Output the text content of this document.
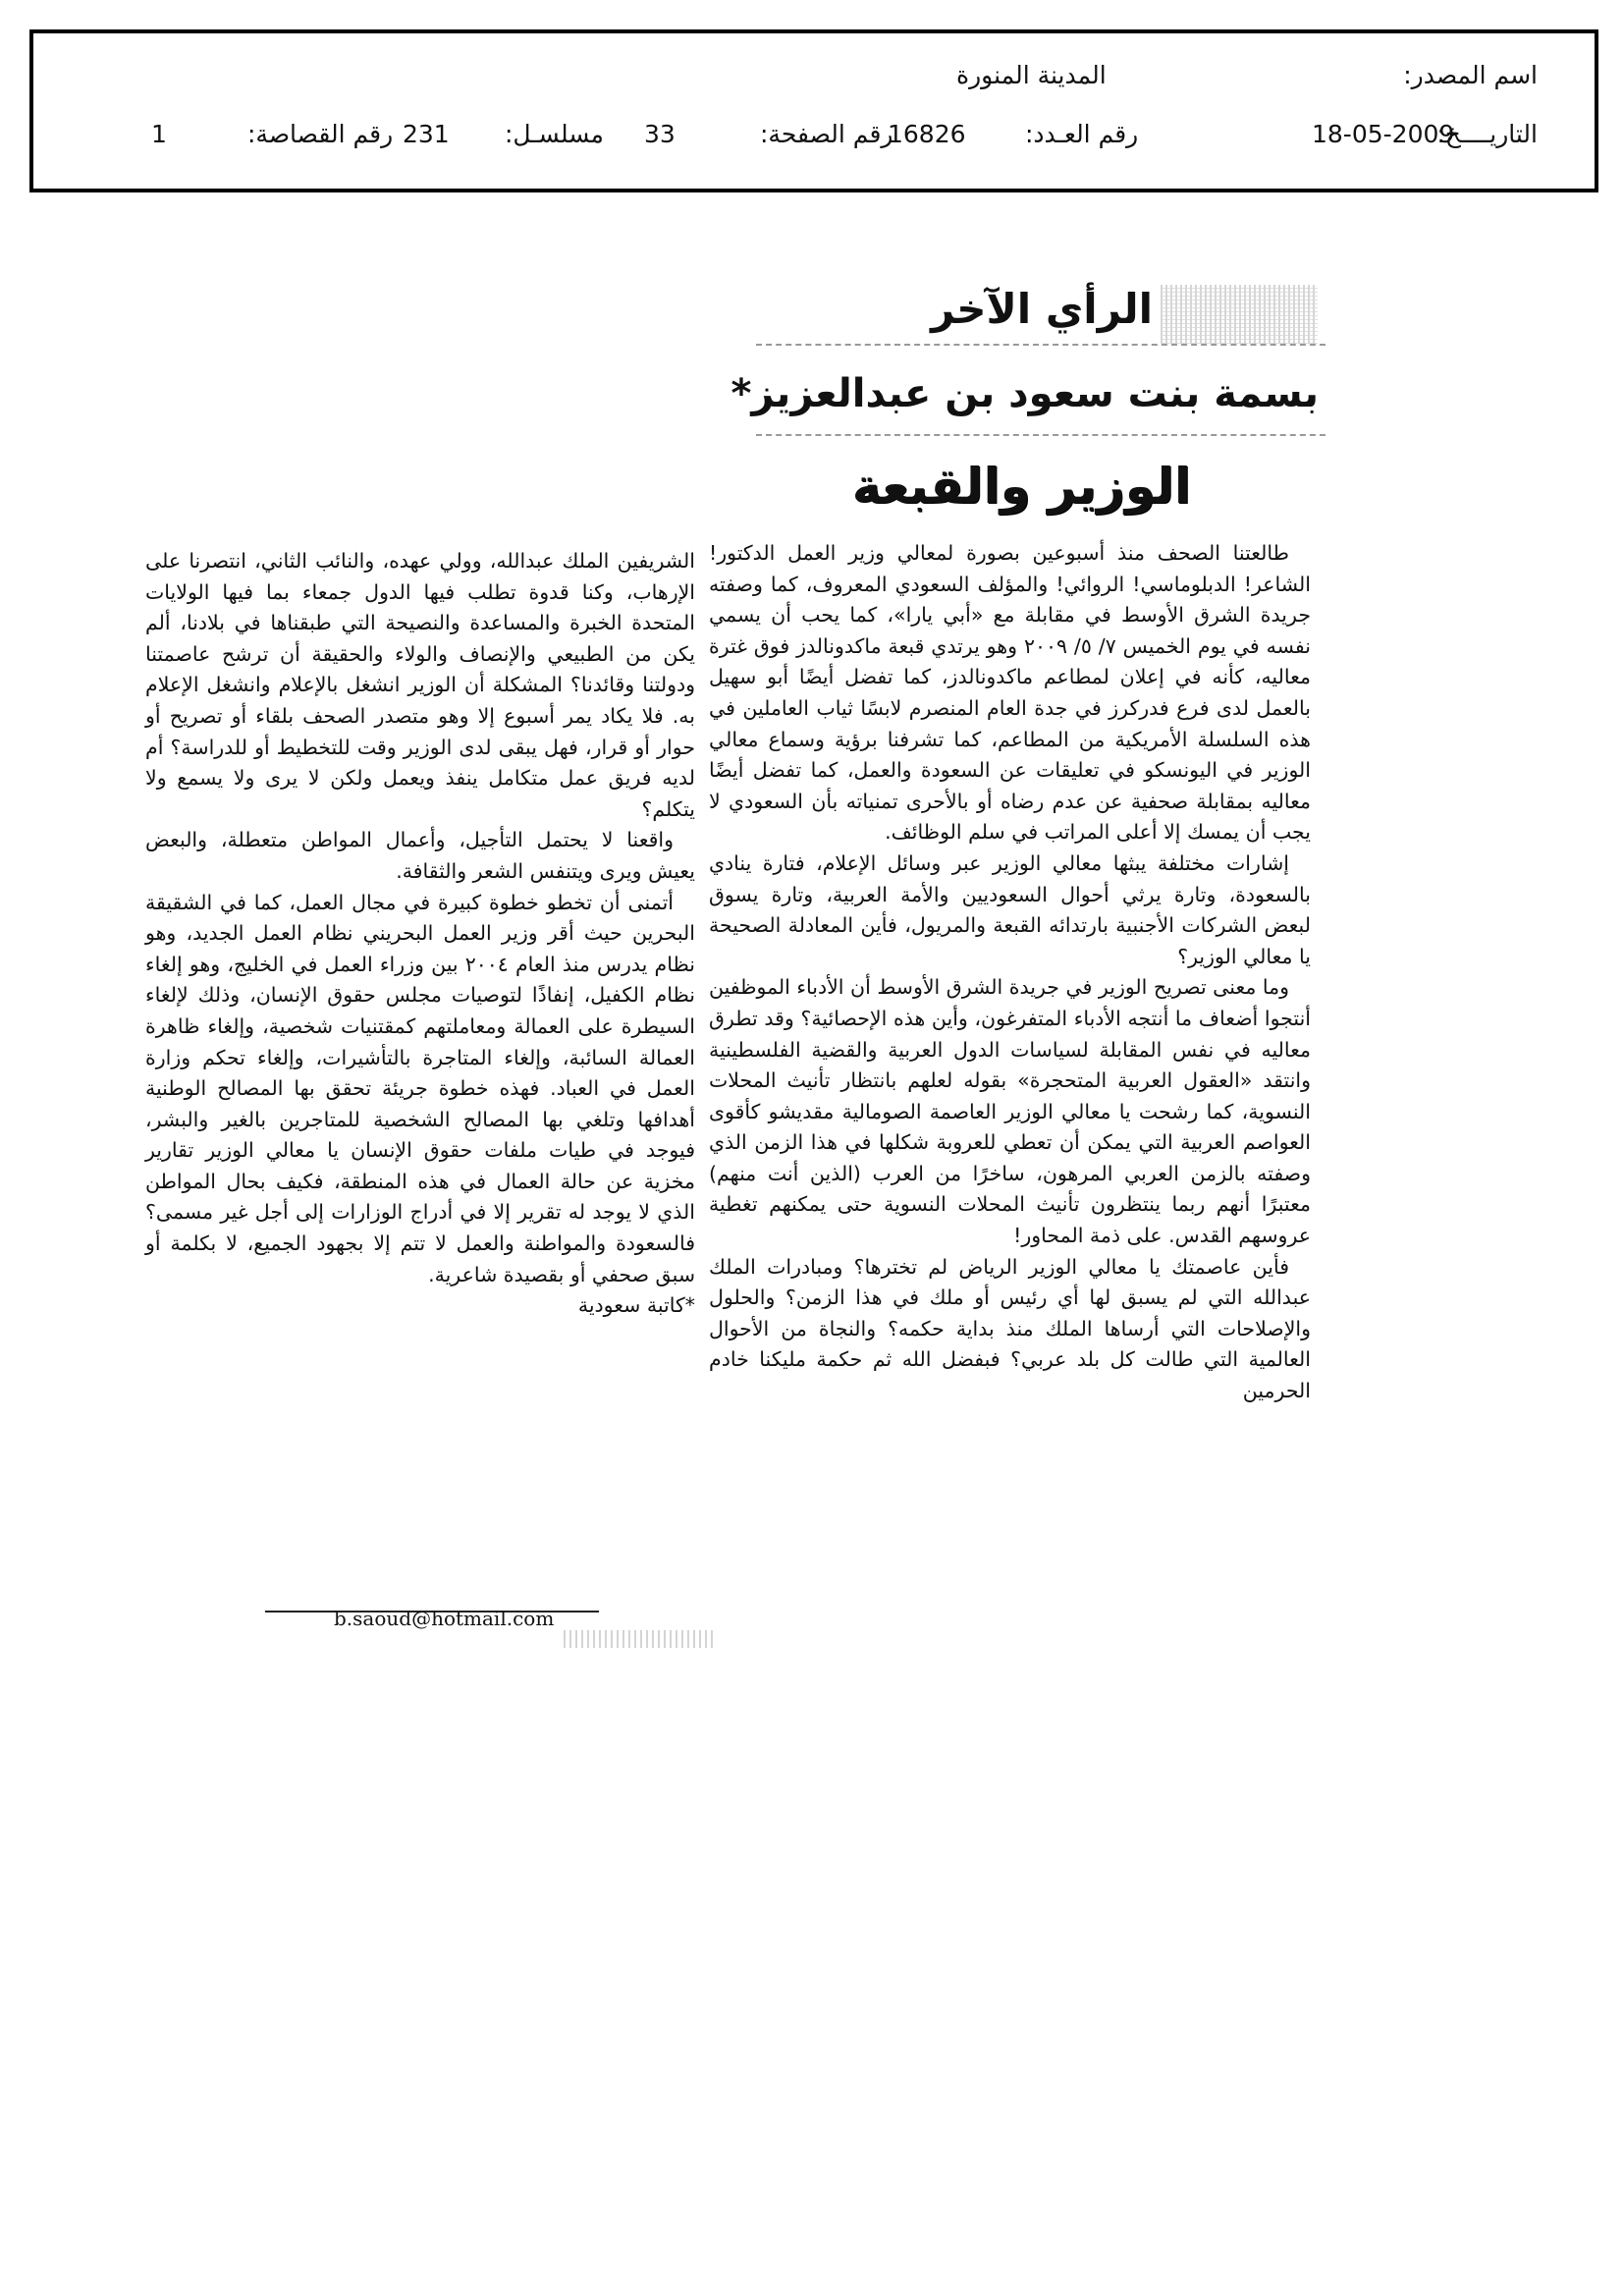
اسم المصدر:
المدينة المنورة
التاريــــخ:
18-05-2009
رقم العـدد:
16826
رقم الصفحة:
33
مسلسـل:
231
رقم القصاصة:
1
الرأي الآخر
بسمة بنت سعود بن عبدالعزيز*
الوزير والقبعة

طالعتنا الصحف منذ أسبوعين بصورة لمعالي وزير العمل الدكتور! الشاعر! الدبلوماسي! الروائي! والمؤلف السعودي المعروف، كما وصفته جريدة الشرق الأوسط في مقابلة مع «أبي يارا»، كما يحب أن يسمي نفسه في يوم الخميس ٧/ ٥/ ٢٠٠٩ وهو يرتدي قبعة ماكدونالدز فوق غترة معاليه، كأنه في إعلان لمطاعم ماكدونالدز، كما تفضل أيضًا أبو سهيل بالعمل لدى فرع فدركرز في جدة العام المنصرم لابسًا ثياب العاملين في هذه السلسلة الأمريكية من المطاعم، كما تشرفنا برؤية وسماع معالي الوزير في اليونسكو في تعليقات عن السعودة والعمل، كما تفضل أيضًا معاليه بمقابلة صحفية عن عدم رضاه أو بالأحرى تمنياته بأن السعودي لا يجب أن يمسك إلا أعلى المراتب في سلم الوظائف.

إشارات مختلفة يبثها معالي الوزير عبر وسائل الإعلام، فتارة ينادي بالسعودة، وتارة يرثي أحوال السعوديين والأمة العربية، وتارة يسوق لبعض الشركات الأجنبية بارتدائه القبعة والمريول، فأين المعادلة الصحيحة يا معالي الوزير؟

وما معنى تصريح الوزير في جريدة الشرق الأوسط أن الأدباء الموظفين أنتجوا أضعاف ما أنتجه الأدباء المتفرغون، وأين هذه الإحصائية؟ وقد تطرق معاليه في نفس المقابلة لسياسات الدول العربية والقضية الفلسطينية وانتقد «العقول العربية المتحجرة» بقوله لعلهم بانتظار تأنيث المحلات النسوية، كما رشحت يا معالي الوزير العاصمة الصومالية مقديشو كأقوى العواصم العربية التي يمكن أن تعطي للعروبة شكلها في هذا الزمن الذي وصفته بالزمن العربي المرهون، ساخرًا من العرب (الذين أنت منهم) معتبرًا أنهم ربما ينتظرون تأنيث المحلات النسوية حتى يمكنهم تغطية عروسهم القدس. على ذمة المحاور!

فأين عاصمتك يا معالي الوزير الرياض لم تخترها؟ ومبادرات الملك عبدالله التي لم يسبق لها أي رئيس أو ملك في هذا الزمن؟ والحلول والإصلاحات التي أرساها الملك منذ بداية حكمه؟ والنجاة من الأحوال العالمية التي طالت كل بلد عربي؟ فبفضل الله ثم حكمة مليكنا خادم الحرمين

الشريفين الملك عبدالله، وولي عهده، والنائب الثاني، انتصرنا على الإرهاب، وكنا قدوة تطلب فيها الدول جمعاء بما فيها الولايات المتحدة الخبرة والمساعدة والنصيحة التي طبقناها في بلادنا، ألم يكن من الطبيعي والإنصاف والولاء والحقيقة أن ترشح عاصمتنا ودولتنا وقائدنا؟ المشكلة أن الوزير انشغل بالإعلام وانشغل الإعلام به. فلا يكاد يمر أسبوع إلا وهو متصدر الصحف بلقاء أو تصريح أو حوار أو قرار، فهل يبقى لدى الوزير وقت للتخطيط أو للدراسة؟ أم لديه فريق عمل متكامل ينفذ ويعمل ولكن لا يرى ولا يسمع ولا يتكلم؟

واقعنا لا يحتمل التأجيل، وأعمال المواطن متعطلة، والبعض يعيش ويرى ويتنفس الشعر والثقافة.

أتمنى أن تخطو خطوة كبيرة في مجال العمل، كما في الشقيقة البحرين حيث أقر وزير العمل البحريني نظام العمل الجديد، وهو نظام يدرس منذ العام ٢٠٠٤ بين وزراء العمل في الخليج، وهو إلغاء نظام الكفيل، إنفاذًا لتوصيات مجلس حقوق الإنسان، وذلك لإلغاء السيطرة على العمالة ومعاملتهم كمقتنيات شخصية، وإلغاء ظاهرة العمالة السائبة، وإلغاء المتاجرة بالتأشيرات، وإلغاء تحكم وزارة العمل في العباد. فهذه خطوة جريئة تحقق بها المصالح الوطنية أهدافها وتلغي بها المصالح الشخصية للمتاجرين بالغير والبشر، فيوجد في طيات ملفات حقوق الإنسان يا معالي الوزير تقارير مخزية عن حالة العمال في هذه المنطقة، فكيف بحال المواطن الذي لا يوجد له تقرير إلا في أدراج الوزارات إلى أجل غير مسمى؟ فالسعودة والمواطنة والعمل لا تتم إلا بجهود الجميع، لا بكلمة أو سبق صحفي أو بقصيدة شاعرية.

*كاتبة سعودية

b.saoud@hotmail.com
